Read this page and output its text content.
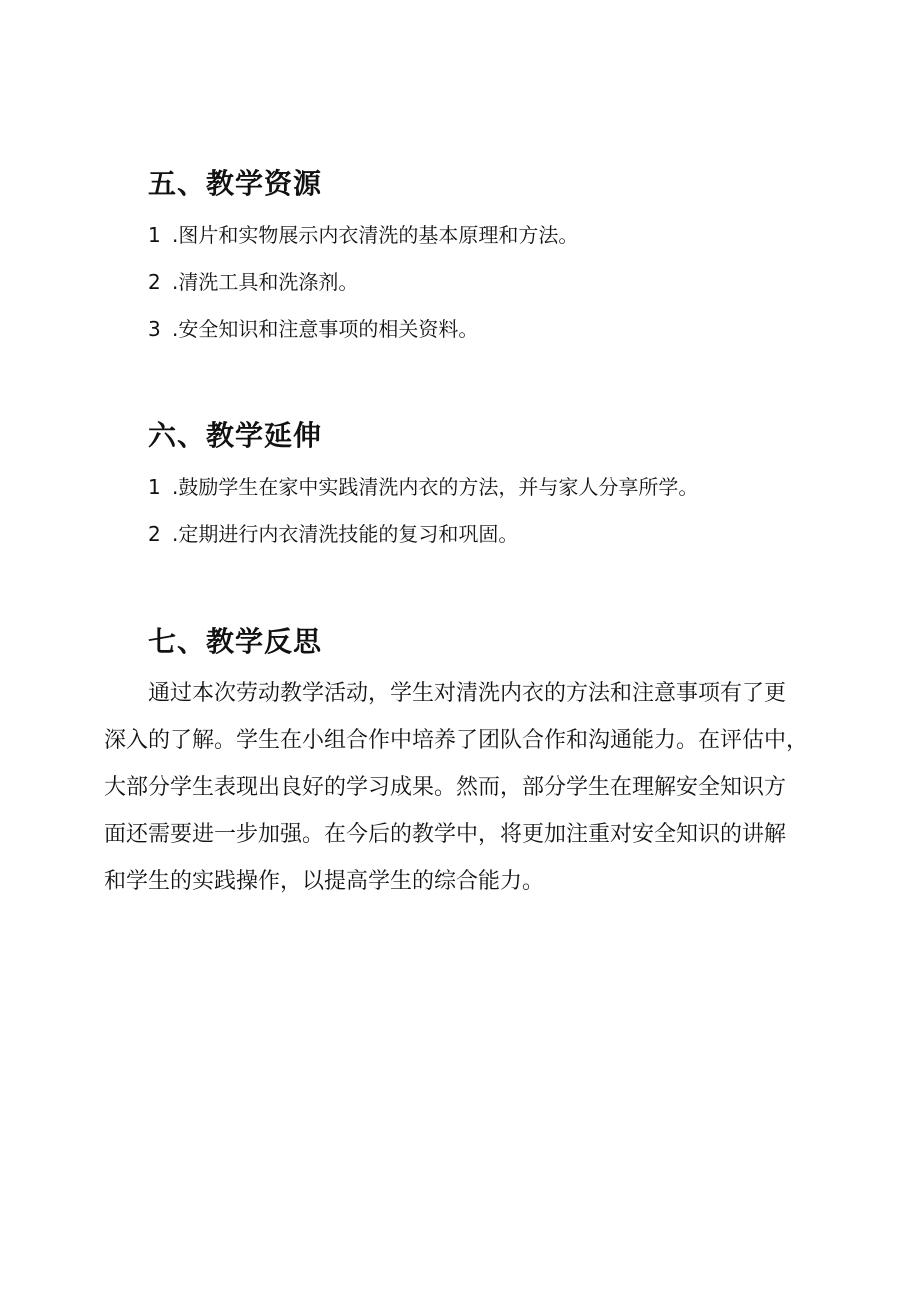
五、教学资源

1 .图片和实物展示内衣清洗的基本原理和方法。

2 .清洗工具和洗涤剂。

3 .安全知识和注意事项的相关资料。

六、教学延伸

1 .鼓励学生在家中实践清洗内衣的方法，并与家人分享所学。

2 .定期进行内衣清洗技能的复习和巩固。

七、教学反思
通过本次劳动教学活动，学生对清洗内衣的方法和注意事项有了更
深入的了解。学生在小组合作中培养了团队合作和沟通能力。在评估中，
大部分学生表现出良好的学习成果。然而，部分学生在理解安全知识方
面还需要进一步加强。在今后的教学中，将更加注重对安全知识的讲解
和学生的实践操作，以提高学生的综合能力。
